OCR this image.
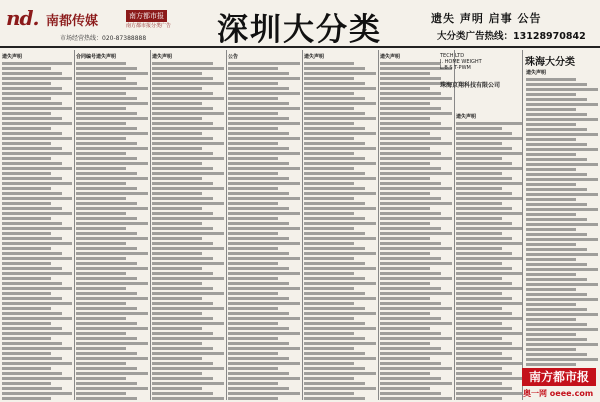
nd. 南都传媒	南方都市报
南方都市报分类广告
市场经营热线：020-87388888 深圳大分类	遗失 声明 启事 公告
大分类广告热线：13128970842
遗失声明	合同编号遗失声明	遗失声明	公告	遗失声明	遗失声明
遗失声明
遗失声明
TECH LTD
I. HOME WEIGHT
L.B.S T-PWM
珠海京翔科技有限公司
珠海大分类
南方都市报
奥一网 oeee.com
